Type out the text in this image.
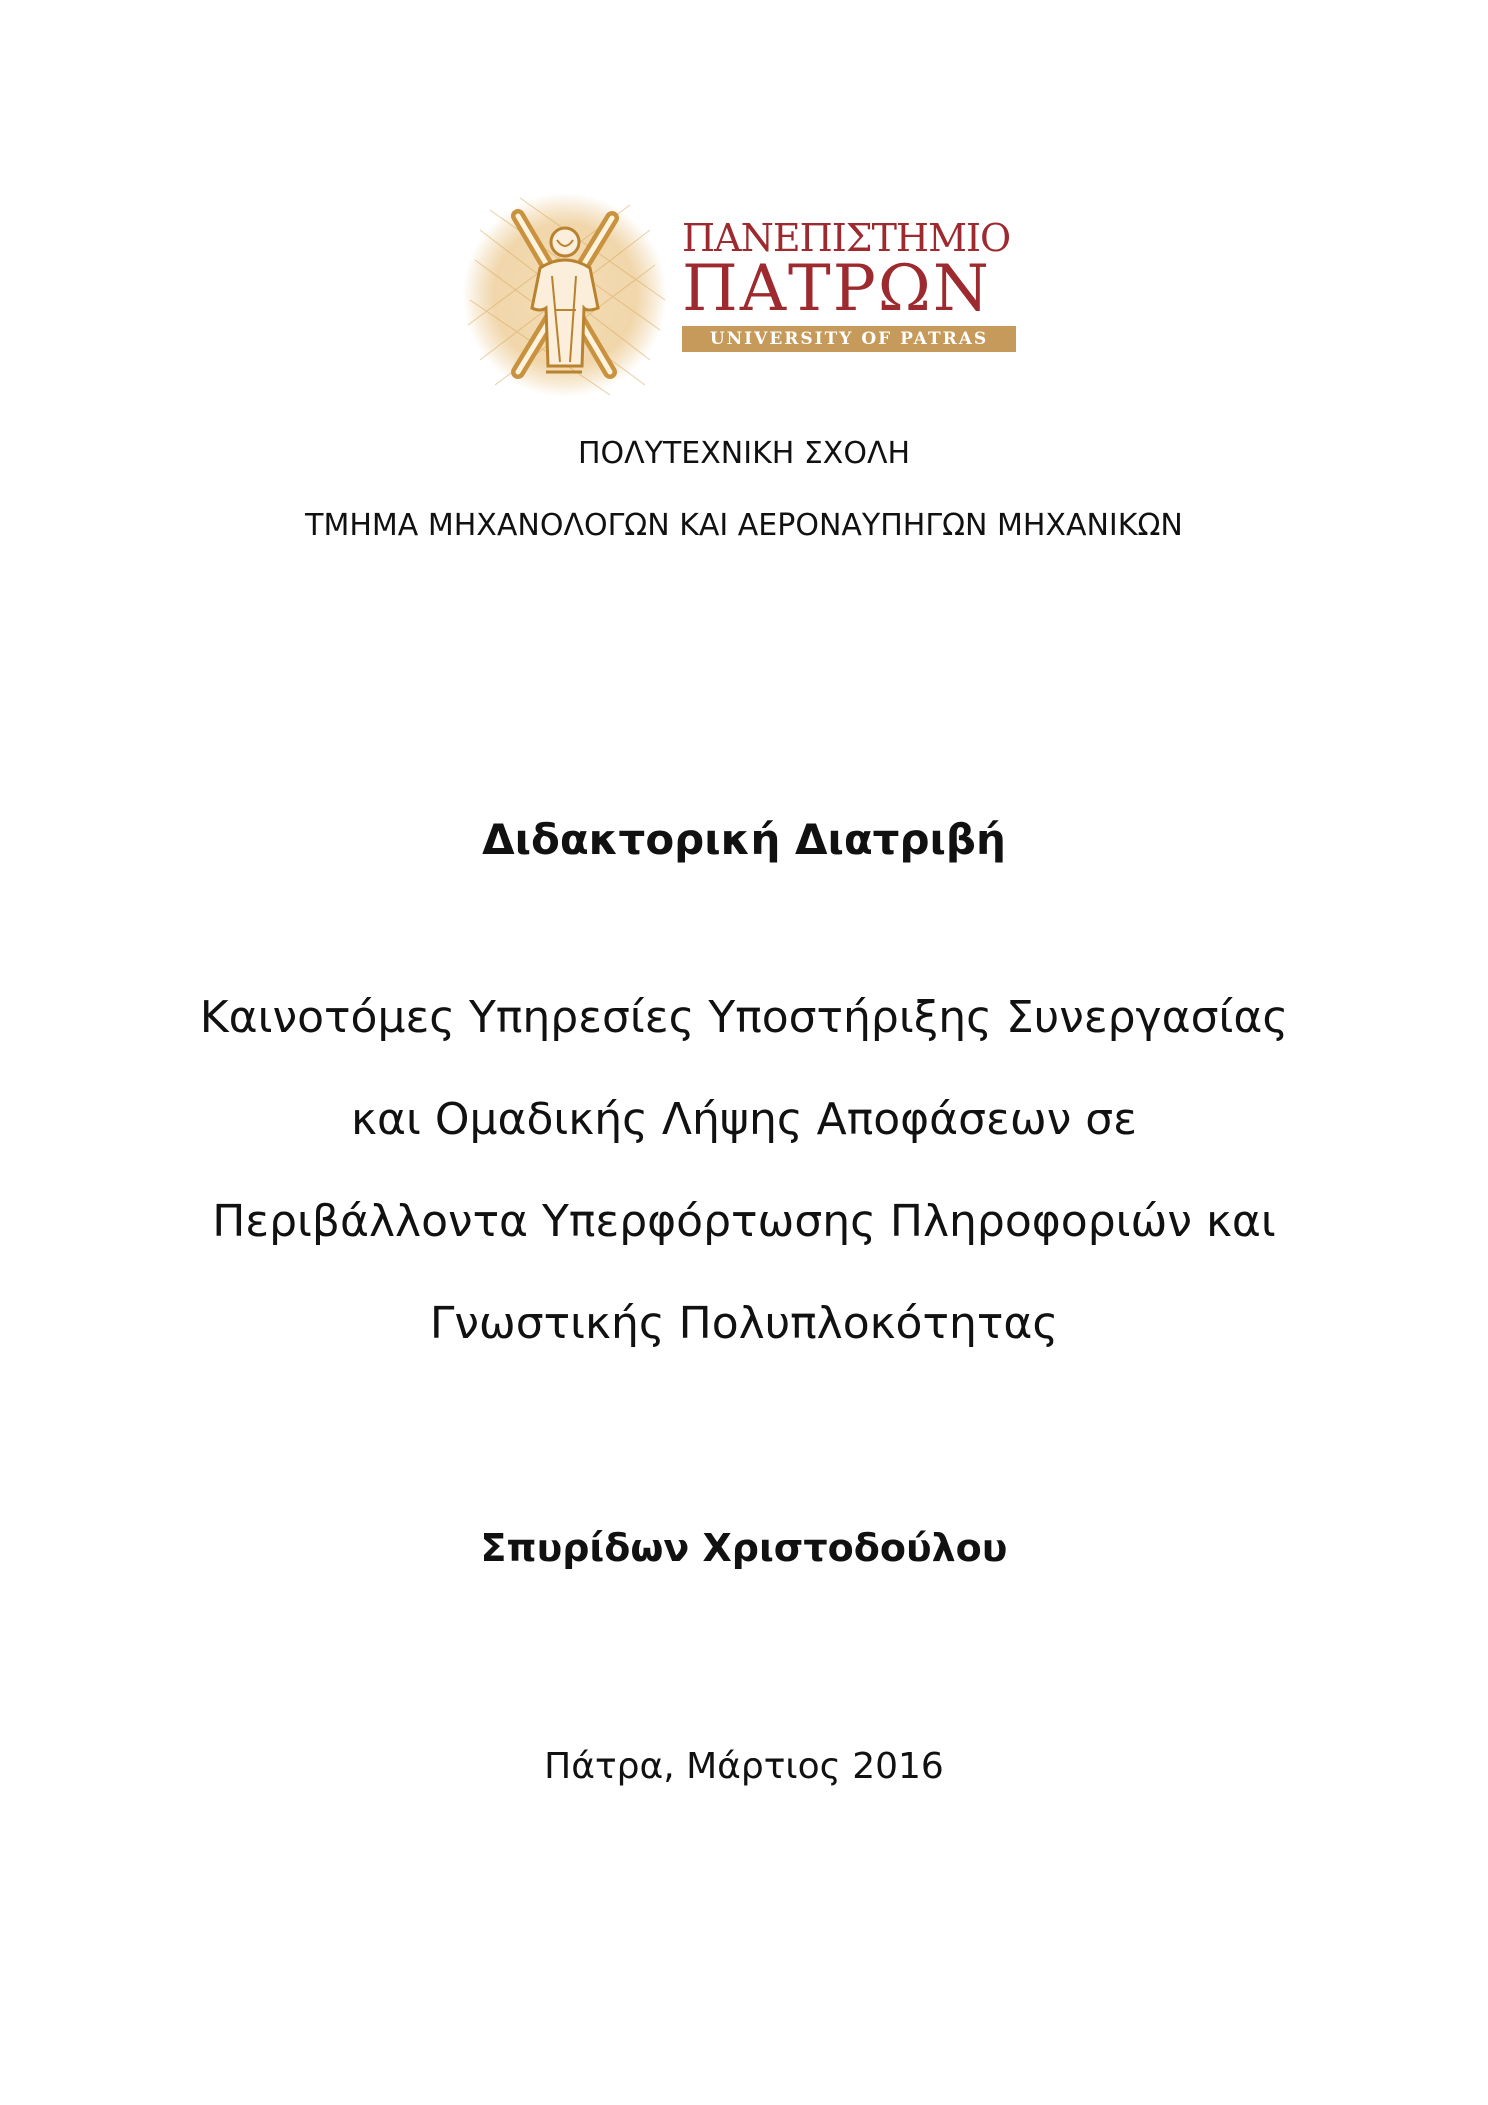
ΠΑΝΕΠΙΣΤΗΜΙΟ
ΠΑΤΡΩΝ
UNIVERSITY OF PATRAS
ΠΟΛΥΤΕΧΝΙΚΗ ΣΧΟΛΗ
ΤΜΗΜΑ ΜΗΧΑΝΟΛΟΓΩΝ ΚΑΙ ΑΕΡΟΝΑΥΠΗΓΩΝ ΜΗΧΑΝΙΚΩΝ
Διδακτορική Διατριβή
Καινοτόμες Υπηρεσίες Υποστήριξης Συνεργασίας
και Ομαδικής Λήψης Αποφάσεων σε
Περιβάλλοντα Υπερφόρτωσης Πληροφοριών και
Γνωστικής Πολυπλοκότητας
Σπυρίδων Χριστοδούλου
Πάτρα, Μάρτιος 2016
